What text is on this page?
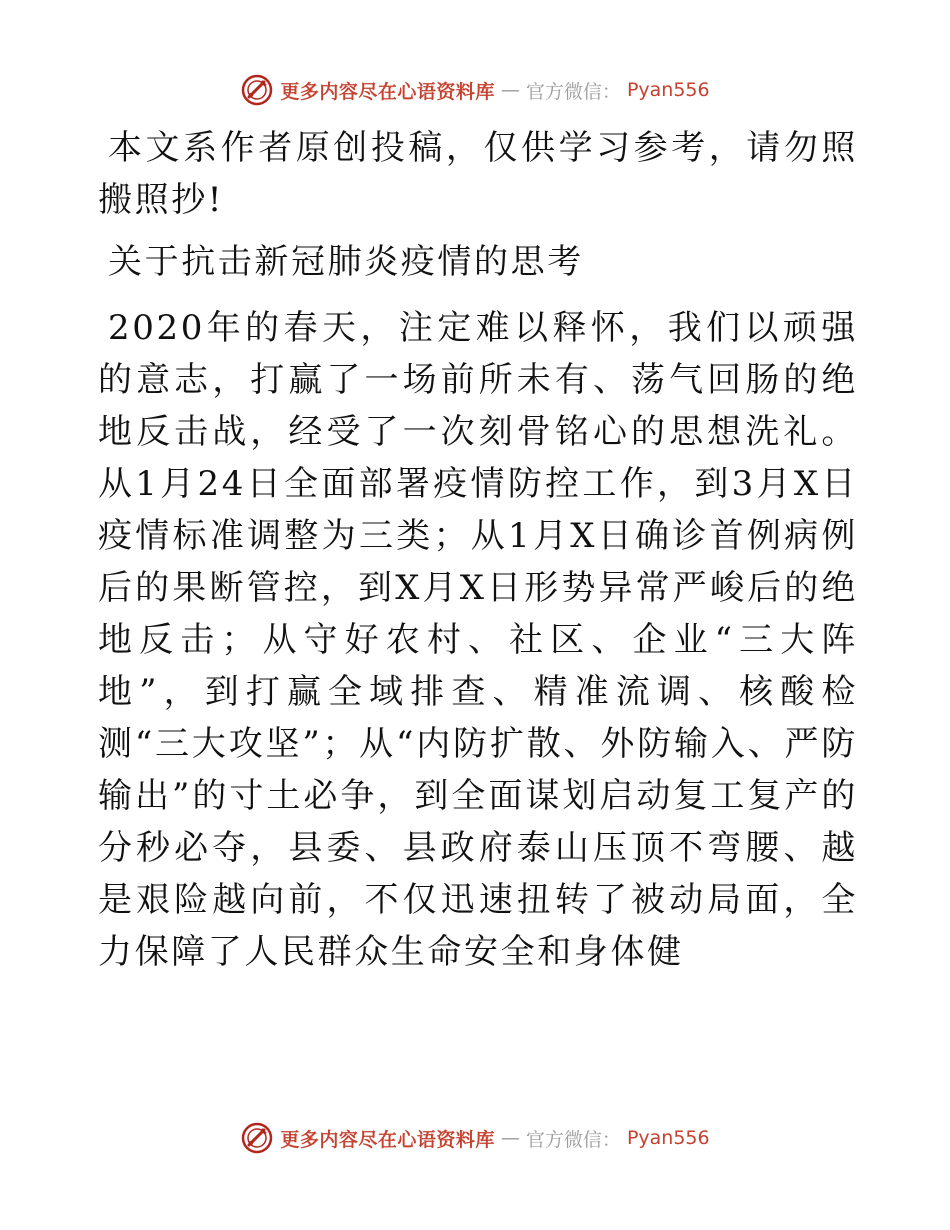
更多内容尽在心语资料库 — 官方微信： Pyan556

本文系作者原创投稿，仅供学习参考，请勿照搬照抄!

关于抗击新冠肺炎疫情的思考

2020年的春天，注定难以释怀，我们以顽强的意志，打赢了一场前所未有、荡气回肠的绝地反击战，经受了一次刻骨铭心的思想洗礼。从1月24日全面部署疫情防控工作，到3月X日疫情标准调整为三类；从1月X日确诊首例病例后的果断管控，到X月X日形势异常严峻后的绝地反击；从守好农村、社区、企业“三大阵地”，到打赢全域排查、精准流调、核酸检测“三大攻坚”；从“内防扩散、外防输入、严防输出”的寸土必争，到全面谋划启动复工复产的分秒必夺，县委、县政府泰山压顶不弯腰、越是艰险越向前，不仅迅速扭转了被动局面，全力保障了人民群众生命安全和身体健

更多内容尽在心语资料库 — 官方微信： Pyan556
